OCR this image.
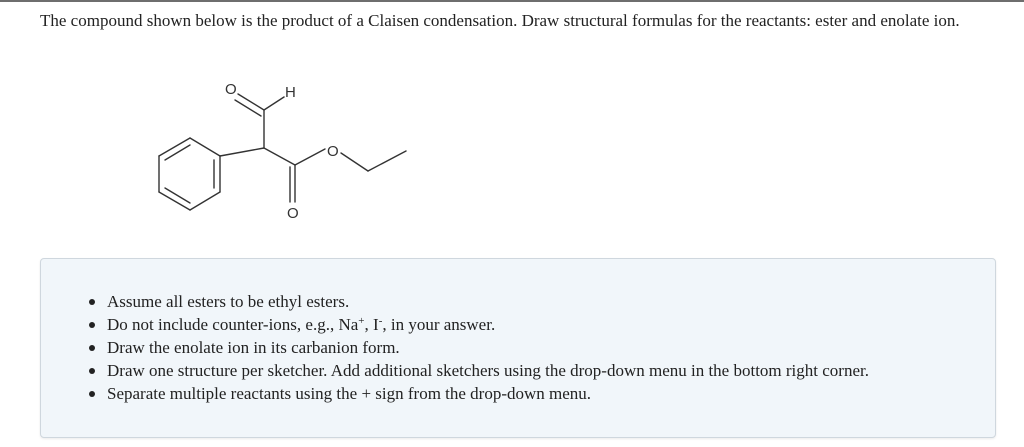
The compound shown below is the product of a Claisen condensation. Draw structural formulas for the reactants: ester and enolate ion.

O	H
O
O
Assume all esters to be ethyl esters.
Do not include counter-ions, e.g., Na+, I-, in your answer.
Draw the enolate ion in its carbanion form.
Draw one structure per sketcher. Add additional sketchers using the drop-down menu in the bottom right corner.
Separate multiple reactants using the + sign from the drop-down menu.
